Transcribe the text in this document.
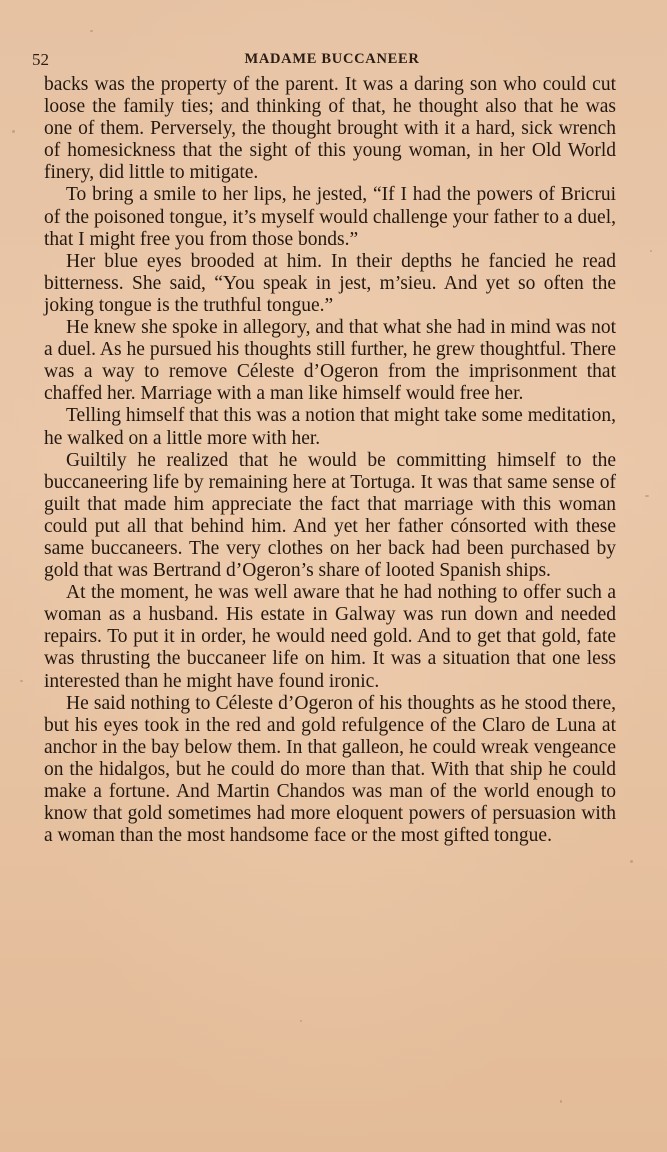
52	MADAME BUCCANEER

backs was the property of the parent. It was a daring son who could cut loose the family ties; and thinking of that, he thought also that he was one of them. Perversely, the thought brought with it a hard, sick wrench of homesickness that the sight of this young woman, in her Old World finery, did little to mitigate.

To bring a smile to her lips, he jested, “If I had the powers of Bricrui of the poisoned tongue, it’s myself would challenge your father to a duel, that I might free you from those bonds.”

Her blue eyes brooded at him. In their depths he fancied he read bitterness. She said, “You speak in jest, m’sieu. And yet so often the joking tongue is the truthful tongue.”

He knew she spoke in allegory, and that what she had in mind was not a duel. As he pursued his thoughts still further, he grew thoughtful. There was a way to remove Céleste d’Ogeron from the imprisonment that chaffed her. Marriage with a man like himself would free her.

Telling himself that this was a notion that might take some meditation, he walked on a little more with her.

Guiltily he realized that he would be committing himself to the buccaneering life by remaining here at Tortuga. It was that same sense of guilt that made him appreciate the fact that marriage with this woman could put all that behind him. And yet her father cónsorted with these same buccaneers. The very clothes on her back had been purchased by gold that was Bertrand d’Ogeron’s share of looted Spanish ships.

At the moment, he was well aware that he had nothing to offer such a woman as a husband. His estate in Galway was run down and needed repairs. To put it in order, he would need gold. And to get that gold, fate was thrusting the buccaneer life on him. It was a situation that one less interested than he might have found ironic.

He said nothing to Céleste d’Ogeron of his thoughts as he stood there, but his eyes took in the red and gold refulgence of the Claro de Luna at anchor in the bay below them. In that galleon, he could wreak vengeance on the hidalgos, but he could do more than that. With that ship he could make a fortune. And Martin Chandos was man of the world enough to know that gold sometimes had more eloquent powers of persuasion with a woman than the most handsome face or the most gifted tongue.
